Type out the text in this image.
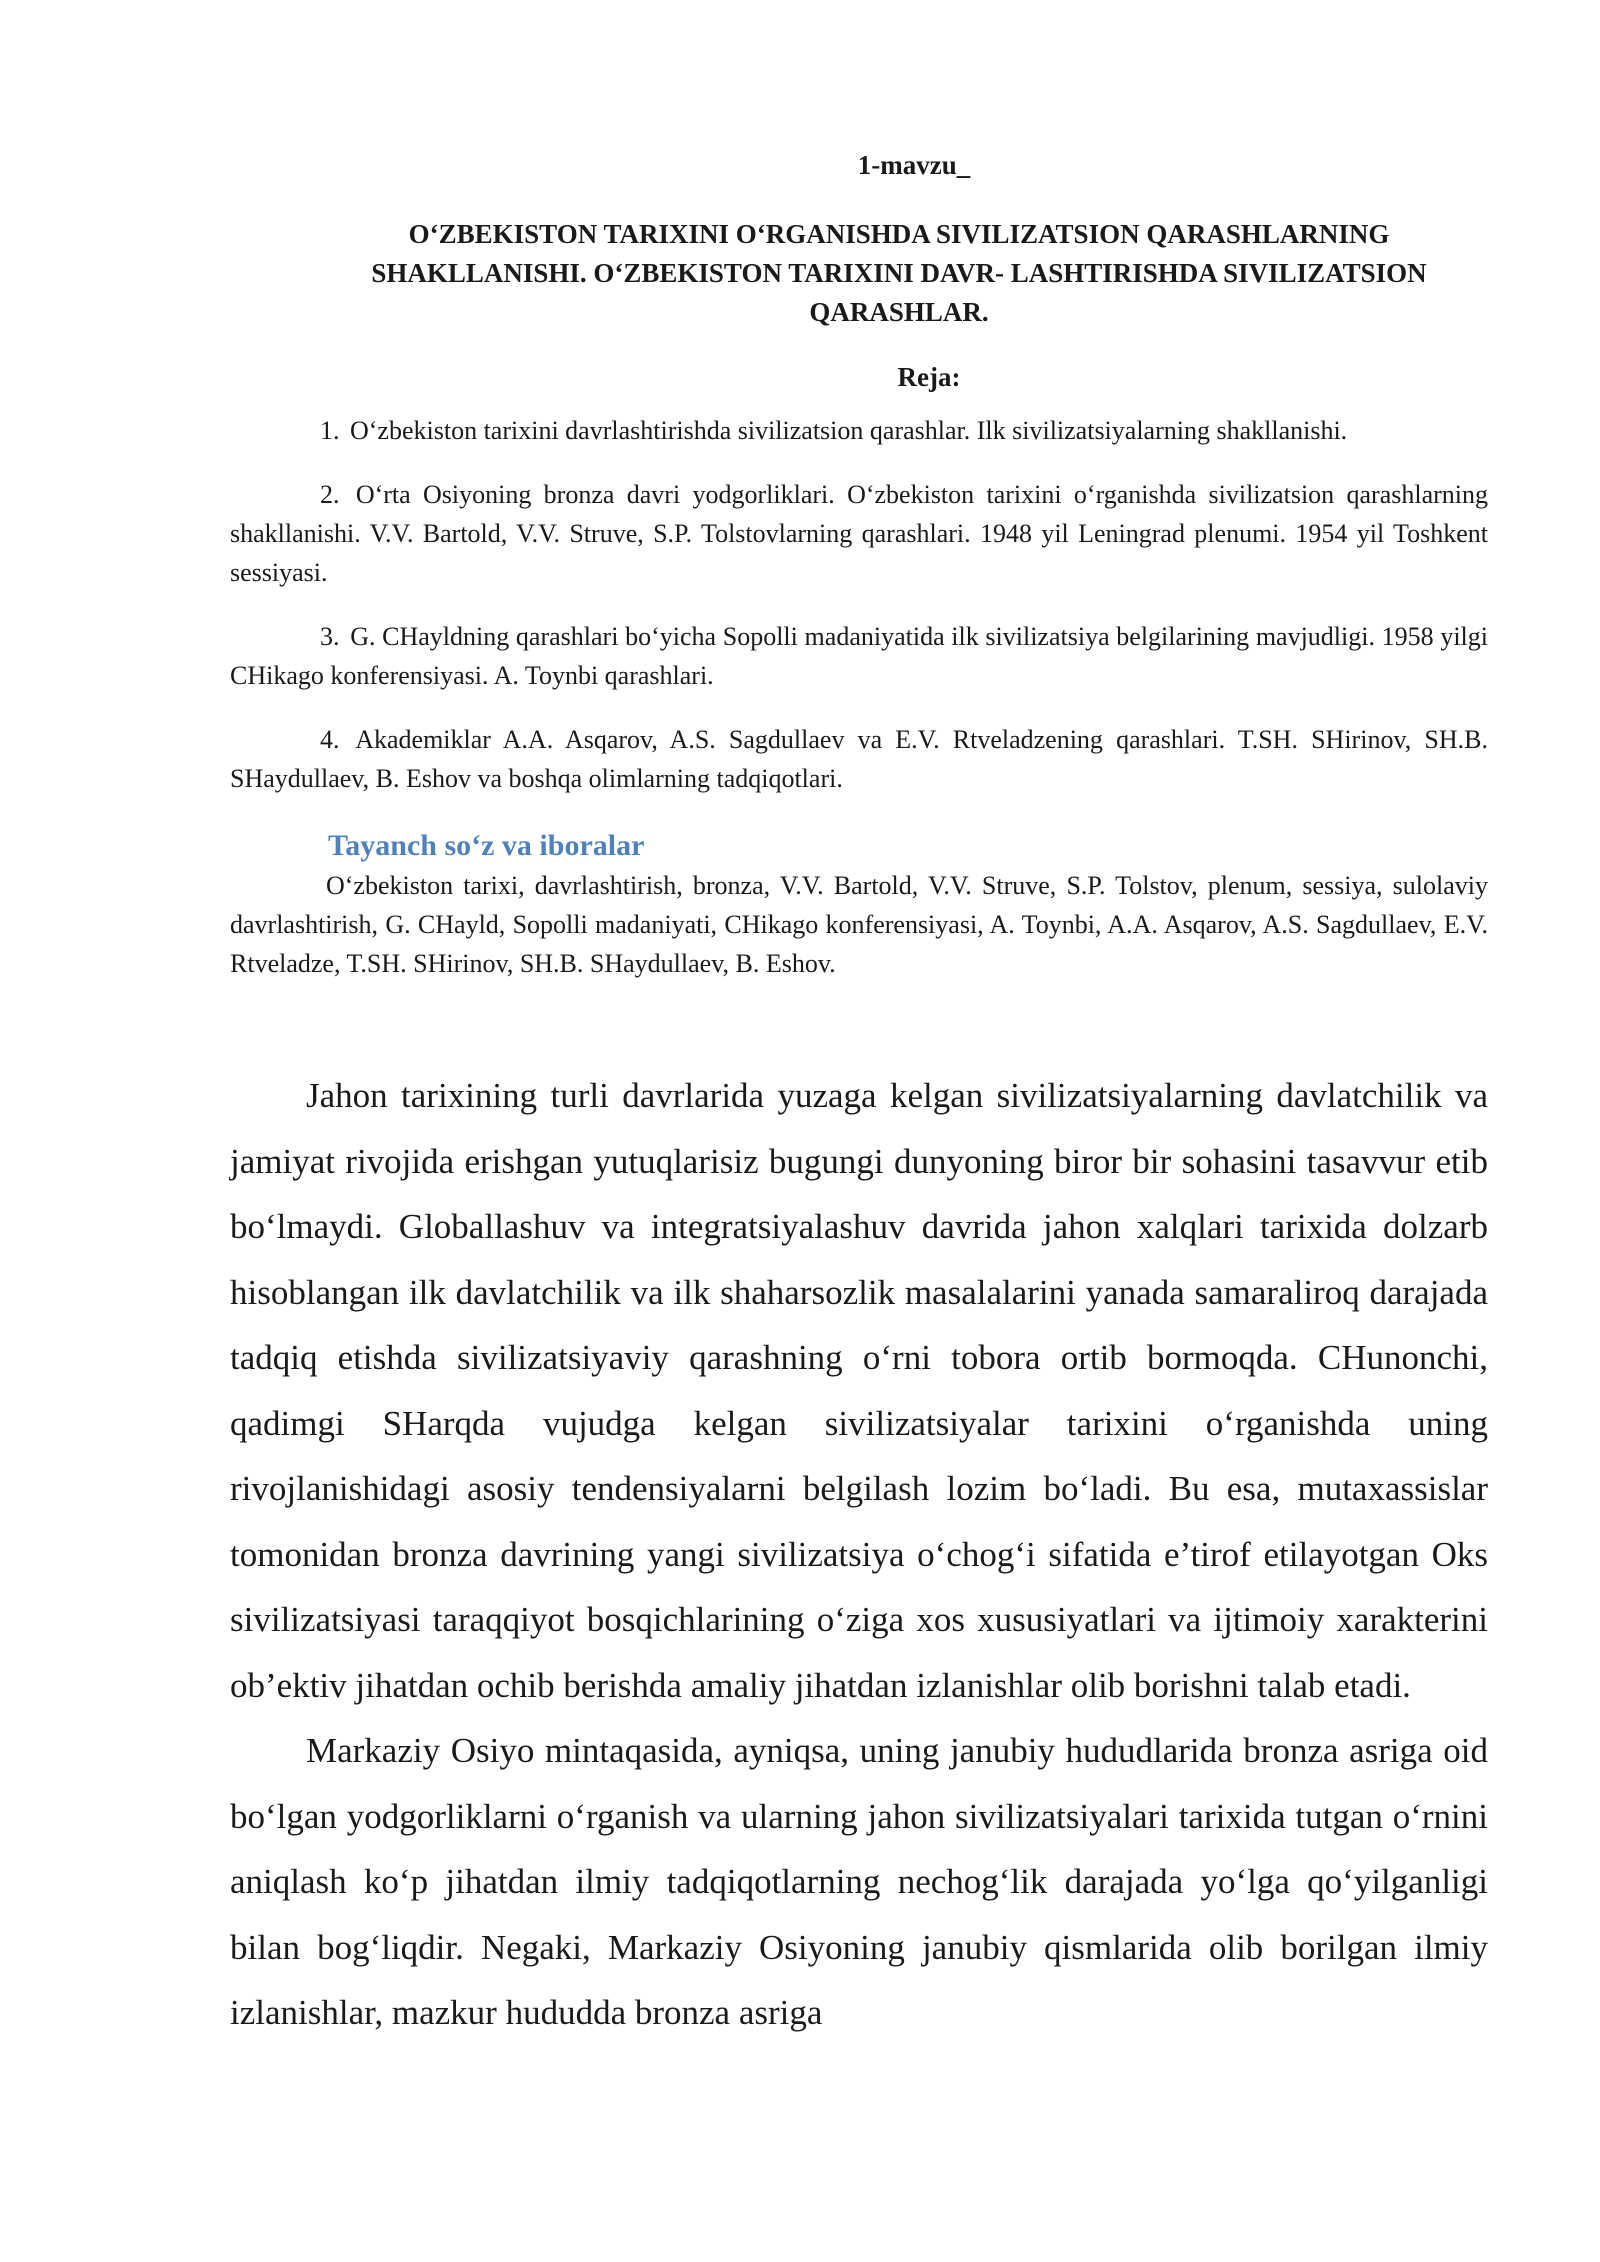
1-mavzu_
O‘ZBEKISTON TARIXINI O‘RGANISHDA SIVILIZATSION QARASHLARNING SHAKLLANISHI. O‘ZBEKISTON TARIXINI DAVR- LASHTIRISHDA SIVILIZATSION QARASHLAR.
Reja:

1. O‘zbekiston tarixini davrlashtirishda sivilizatsion qarashlar. Ilk sivilizatsiyalarning shakllanishi.

2. O‘rta Osiyoning bronza davri yodgorliklari. O‘zbekiston tarixini o‘rganishda sivilizatsion qarashlarning shakllanishi. V.V. Bartold, V.V. Struve, S.P. Tolstovlarning qarashlari. 1948 yil Leningrad plenumi. 1954 yil Toshkent sessiyasi.

3. G. CHayldning qarashlari bo‘yicha Sopolli madaniyatida ilk sivilizatsiya belgilarining mavjudligi. 1958 yilgi CHikago konferensiyasi. A. Toynbi qarashlari.

4. Akademiklar A.A. Asqarov, A.S. Sagdullaev va E.V. Rtveladzening qarashlari. T.SH. SHirinov, SH.B. SHaydullaev, B. Eshov va boshqa olimlarning tadqiqotlari.

Tayanch so‘z va iboralar

O‘zbekiston tarixi, davrlashtirish, bronza, V.V. Bartold, V.V. Struve, S.P. Tolstov, plenum, sessiya, sulolaviy davrlashtirish, G. CHayld, Sopolli madaniyati, CHikago konferensiyasi, A. Toynbi, A.A. Asqarov, A.S. Sagdullaev, E.V. Rtveladze, T.SH. SHirinov, SH.B. SHaydullaev, B. Eshov.

Jahon tarixining turli davrlarida yuzaga kelgan sivilizatsiyalarning davlatchilik va jamiyat rivojida erishgan yutuqlarisiz bugungi dunyoning biror bir sohasini tasavvur etib bo‘lmaydi. Globallashuv va integratsiyalashuv davrida jahon xalqlari tarixida dolzarb hisoblangan ilk davlatchilik va ilk shaharsozlik masalalarini yanada samaraliroq darajada tadqiq etishda sivilizatsiyaviy qarashning o‘rni tobora ortib bormoqda. CHunonchi, qadimgi SHarqda vujudga kelgan sivilizatsiyalar tarixini o‘rganishda uning rivojlanishidagi asosiy tendensiyalarni belgilash lozim bo‘ladi. Bu esa, mutaxassislar tomonidan bronza davrining yangi sivilizatsiya o‘chog‘i sifatida e’tirof etilayotgan Oks sivilizatsiyasi taraqqiyot bosqichlarining o‘ziga xos xususiyatlari va ijtimoiy xarakterini ob’ektiv jihatdan ochib berishda amaliy jihatdan izlanishlar olib borishni talab etadi.

Markaziy Osiyo mintaqasida, ayniqsa, uning janubiy hududlarida bronza asriga oid bo‘lgan yodgorliklarni o‘rganish va ularning jahon sivilizatsiyalari tarixida tutgan o‘rnini aniqlash ko‘p jihatdan ilmiy tadqiqotlarning nechog‘lik darajada yo‘lga qo‘yilganligi bilan bog‘liqdir. Negaki, Markaziy Osiyoning janubiy qismlarida olib borilgan ilmiy izlanishlar, mazkur hududda bronza asriga
